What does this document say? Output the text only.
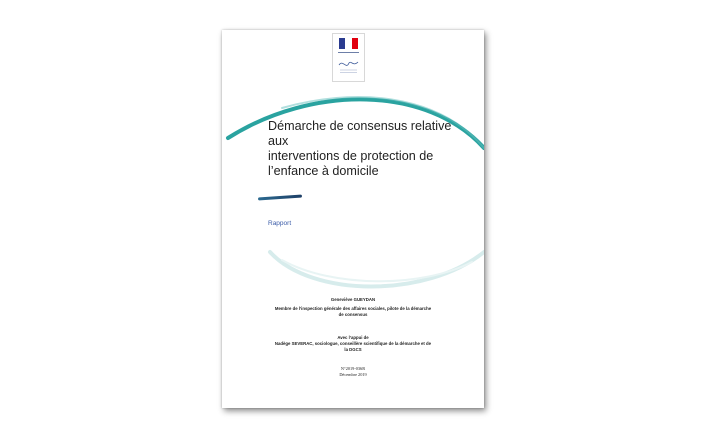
Démarche de consensus relative aux
interventions de protection de
l’enfance à domicile
Rapport
Geneviève GUEYDAN
Membre de l’inspection générale des affaires sociales, pilote de la démarche
de consensus
Avec l’appui de
Nadège SEVERAC, sociologue, conseillère scientifique de la démarche et de
la DGCS
N°2019-036R
Décembre 2019
